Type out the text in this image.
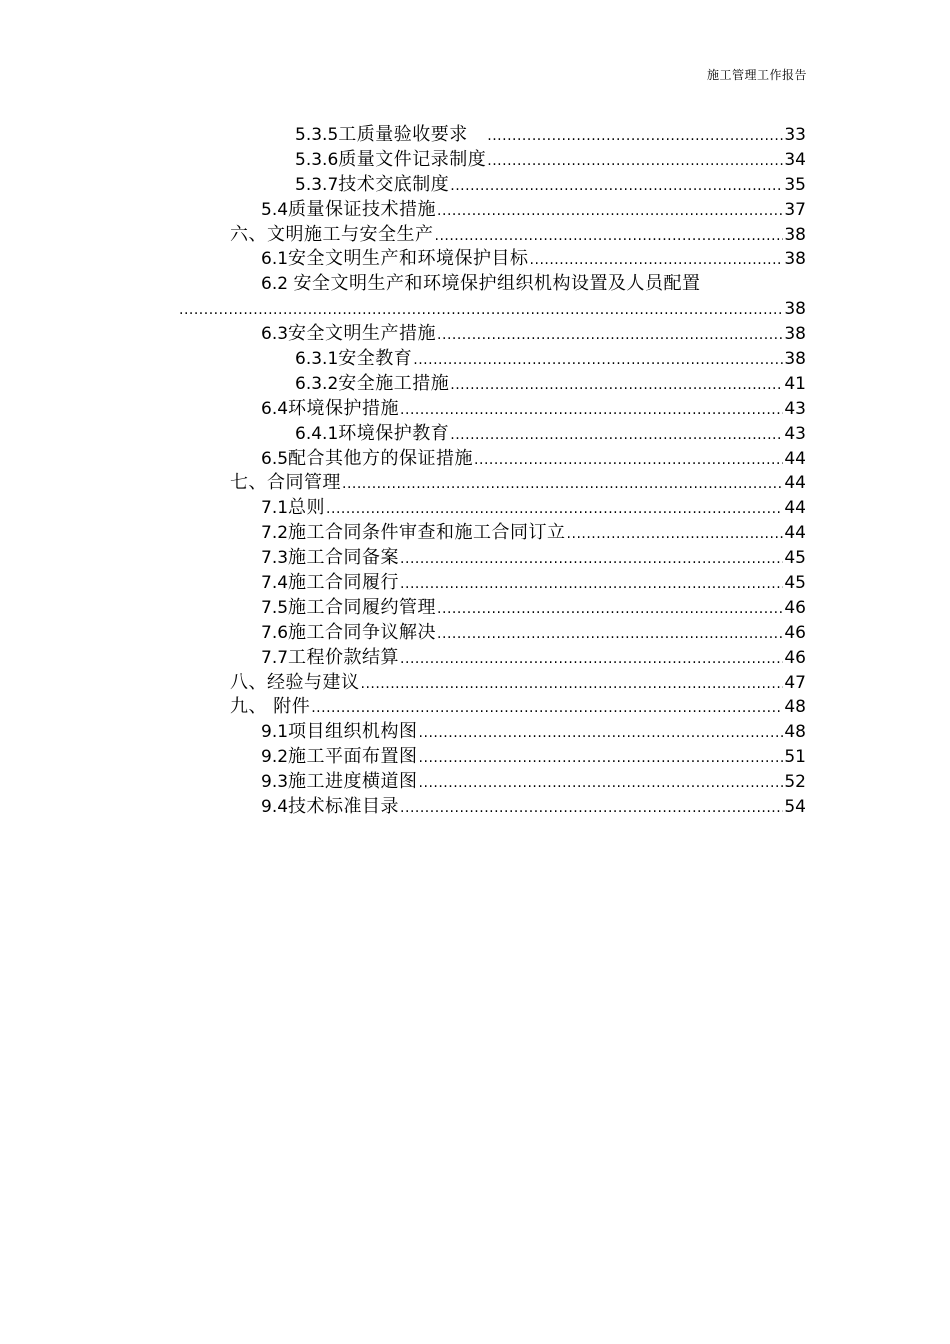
施工管理工作报告
5.3.5 工质量验收要求　 .....	33
5.3.6 质量文件记录制度 .....	34
5.3.7 技术交底制度 .....	35
5.4 质量保证技术措施 .....	37
六、文明施工与安全生产 .....	38
6.1 安全文明生产和环境保护目标 .....	38
6.2 安全文明生产和环境保护组织机构设置及人员配置
.....
38
6.3 安全文明生产措施 .....	38
6.3.1 安全教育 .....	38
6.3.2 安全施工措施 .....	41
6.4 环境保护措施 .....	43
6.4.1 环境保护教育 .....	43
6.5 配合其他方的保证措施 .....	44
七、合同管理 .....	44
7.1 总则 .....	44
7.2 施工合同条件审查和施工合同订立 .....	44
7.3 施工合同备案 .....	45
7.4 施工合同履行 .....	45
7.5 施工合同履约管理 .....	46
7.6 施工合同争议解决 .....	46
7.7 工程价款结算 .....	46
八、经验与建议 .....	47
九、 附件 .....	48
9.1 项目组织机构图 .....	48
9.2 施工平面布置图 .....	51
9.3 施工进度横道图 .....	52
9.4 技术标准目录 .....	54
